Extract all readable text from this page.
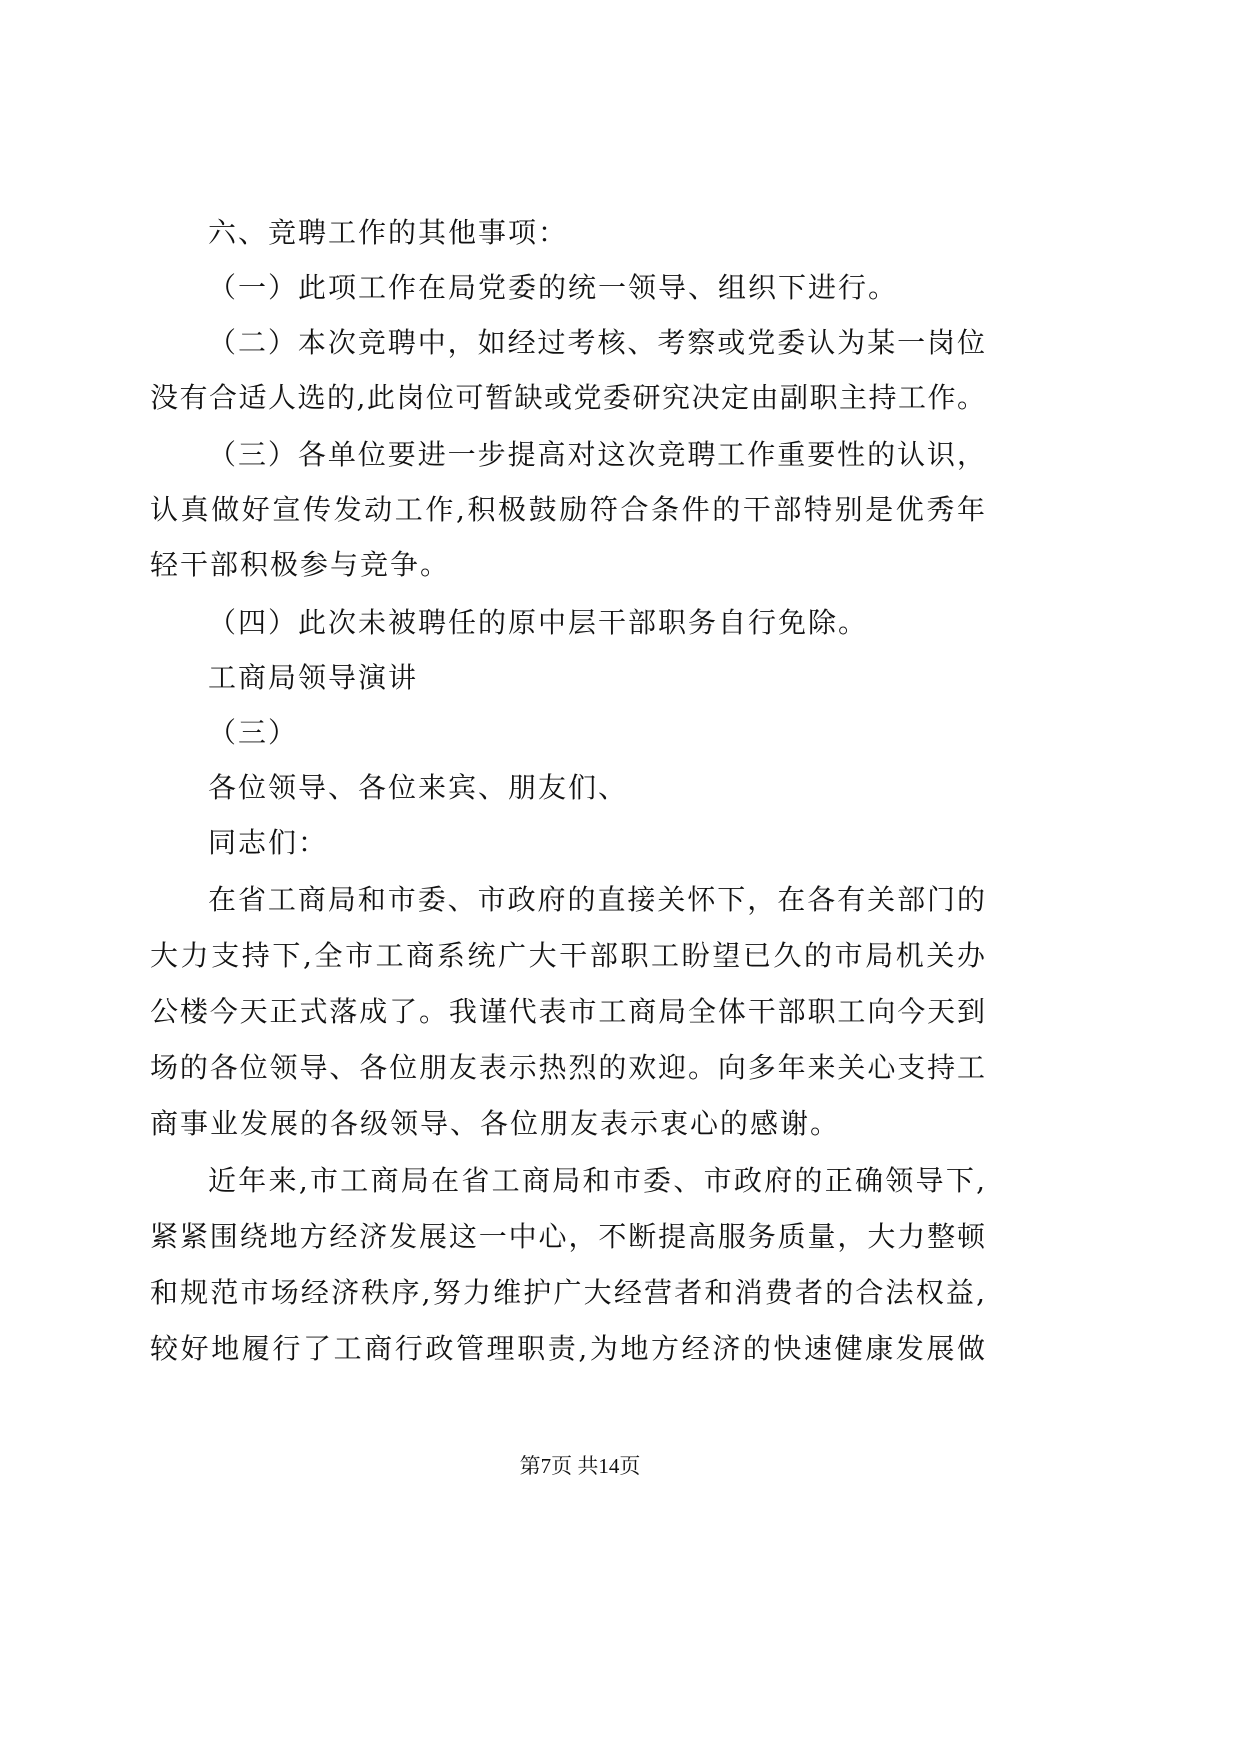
六、竞聘工作的其他事项：
（一）此项工作在局党委的统一领导、组织下进行。
（二）本次竞聘中，如经过考核、考察或党委认为某一岗位
没有合适人选的,此岗位可暂缺或党委研究决定由副职主持工作。
（三）各单位要进一步提高对这次竞聘工作重要性的认识，
认真做好宣传发动工作,积极鼓励符合条件的干部特别是优秀年
轻干部积极参与竞争。
（四）此次未被聘任的原中层干部职务自行免除。
工商局领导演讲
（三）
各位领导、各位来宾、朋友们、
同志们：
在省工商局和市委、市政府的直接关怀下，在各有关部门的
大力支持下,全市工商系统广大干部职工盼望已久的市局机关办
公楼今天正式落成了。我谨代表市工商局全体干部职工向今天到
场的各位领导、各位朋友表示热烈的欢迎。向多年来关心支持工
商事业发展的各级领导、各位朋友表示衷心的感谢。
近年来,市工商局在省工商局和市委、市政府的正确领导下,
紧紧围绕地方经济发展这一中心，不断提高服务质量，大力整顿
和规范市场经济秩序,努力维护广大经营者和消费者的合法权益,
较好地履行了工商行政管理职责,为地方经济的快速健康发展做
第7页 共14页
